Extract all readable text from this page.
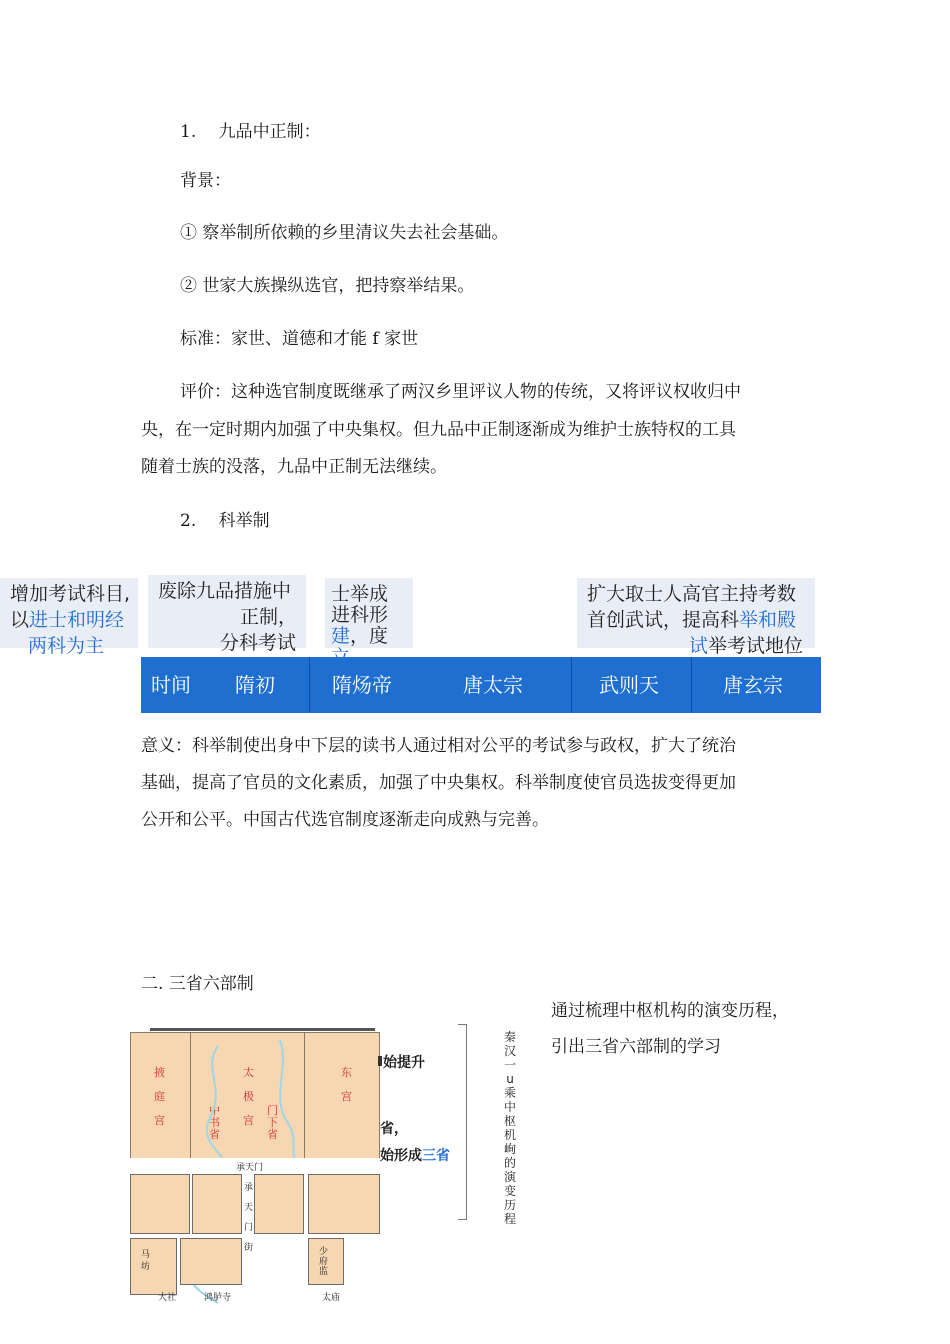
1.　 九品中正制：
背景：
① 察举制所依赖的乡里清议失去社会基础。
② 世家大族操纵选官，把持察举结果。
标准：家世、道德和才能 f 家世
评价：这种选官制度既继承了两汉乡里评议人物的传统，又将评议权收归中
央，在一定时期内加强了中央集权。但九品中正制逐渐成为维护士族特权的工具
随着士族的没落，九品中正制无法继续。
2.　 科举制
增加考试科目,
以进士和明经
两科为主
废除九品措施中
正制，
分科考试
士举成
进科形
建，度
扩大取士人高官主持考数
首创武试，提高科举和殿
试举考试地位
时间 隋初	隋炀帝	唐太宗	武则天	唐玄宗
意义：科举制使出身中下层的读书人通过相对公平的考试参与政权，扩大了统治
基础，提高了官员的文化素质，加强了中央集权。科举制度使官员选拔变得更加
公开和公平。中国古代选官制度逐渐走向成熟与完善。
二. 三省六部制
通过梳理中枢机构的演变历程，
引出三省六部制的学习
秦汉一u乘中枢机峋的演变历程
掖
庭
宫
太
极
宫
中
书
省
门
下
省
东
宫
承天门
承
天
门
街
马
坊
少
府
监
大社	鸿胪寺	太庙
始提升
省，
始形成三省
